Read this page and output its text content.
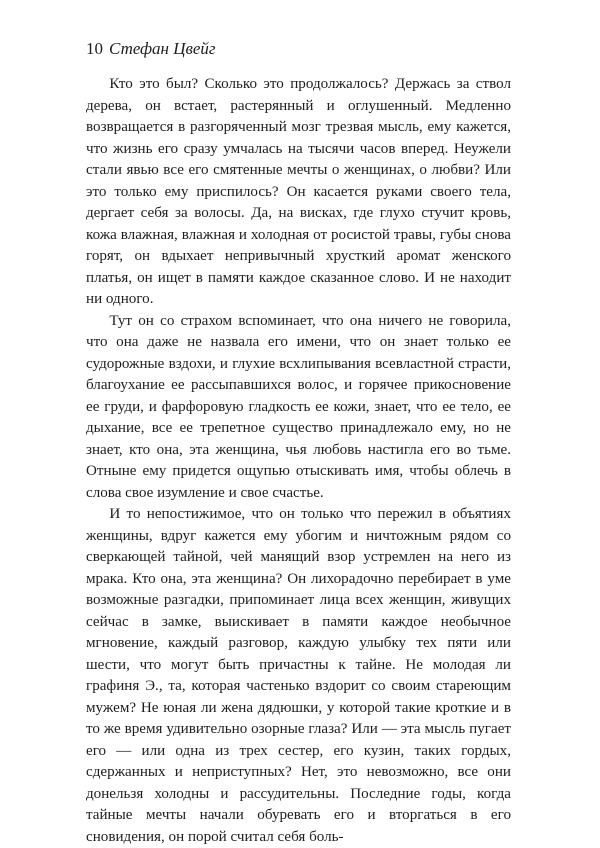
10 Стефан Цвейг

Кто это был? Сколько это продолжалось? Держась за ствол дерева, он встает, растерянный и оглушенный. Медленно возвращается в разгоряченный мозг трезвая мысль, ему кажется, что жизнь его сразу умчалась на тысячи часов вперед. Неужели стали явью все его смятенные мечты о женщинах, о любви? Или это только ему приспилось? Он касается руками своего тела, дергает себя за волосы. Да, на висках, где глухо стучит кровь, кожа влажная, влажная и холодная от росистой травы, губы снова горят, он вдыхает непривычный хрусткий аромат женского платья, он ищет в памяти каждое сказанное слово. И не находит ни одного.

Тут он со страхом вспоминает, что она ничего не говорила, что она даже не назвала его имени, что он знает только ее судорожные вздохи, и глухие всхлипывания всевластной страсти, благоухание ее рассыпавшихся волос, и горячее прикосновение ее груди, и фарфоровую гладкость ее кожи, знает, что ее тело, ее дыхание, все ее трепетное существо принадлежало ему, но не знает, кто она, эта женщина, чья любовь настигла его во тьме. Отныне ему придется ощупью отыскивать имя, чтобы облечь в слова свое изумление и свое счастье.

И то непостижимое, что он только что пережил в объятиях женщины, вдруг кажется ему убогим и ничтожным рядом со сверкающей тайной, чей манящий взор устремлен на него из мрака. Кто она, эта женщина? Он лихорадочно перебирает в уме возможные разгадки, припоминает лица всех женщин, живущих сейчас в замке, выискивает в памяти каждое необычное мгновение, каждый разговор, каждую улыбку тех пяти или шести, что могут быть причастны к тайне. Не молодая ли графиня Э., та, которая частенько вздорит со своим стареющим мужем? Не юная ли жена дядюшки, у которой такие кроткие и в то же время удивительно озорные глаза? Или — эта мысль пугает его — или одна из трех сестер, его кузин, таких гордых, сдержанных и неприступных? Нет, это невозможно, все они донельзя холодны и рассудительны. Последние годы, когда тайные мечты начали обуревать его и вторгаться в его сновидения, он порой считал себя боль-
